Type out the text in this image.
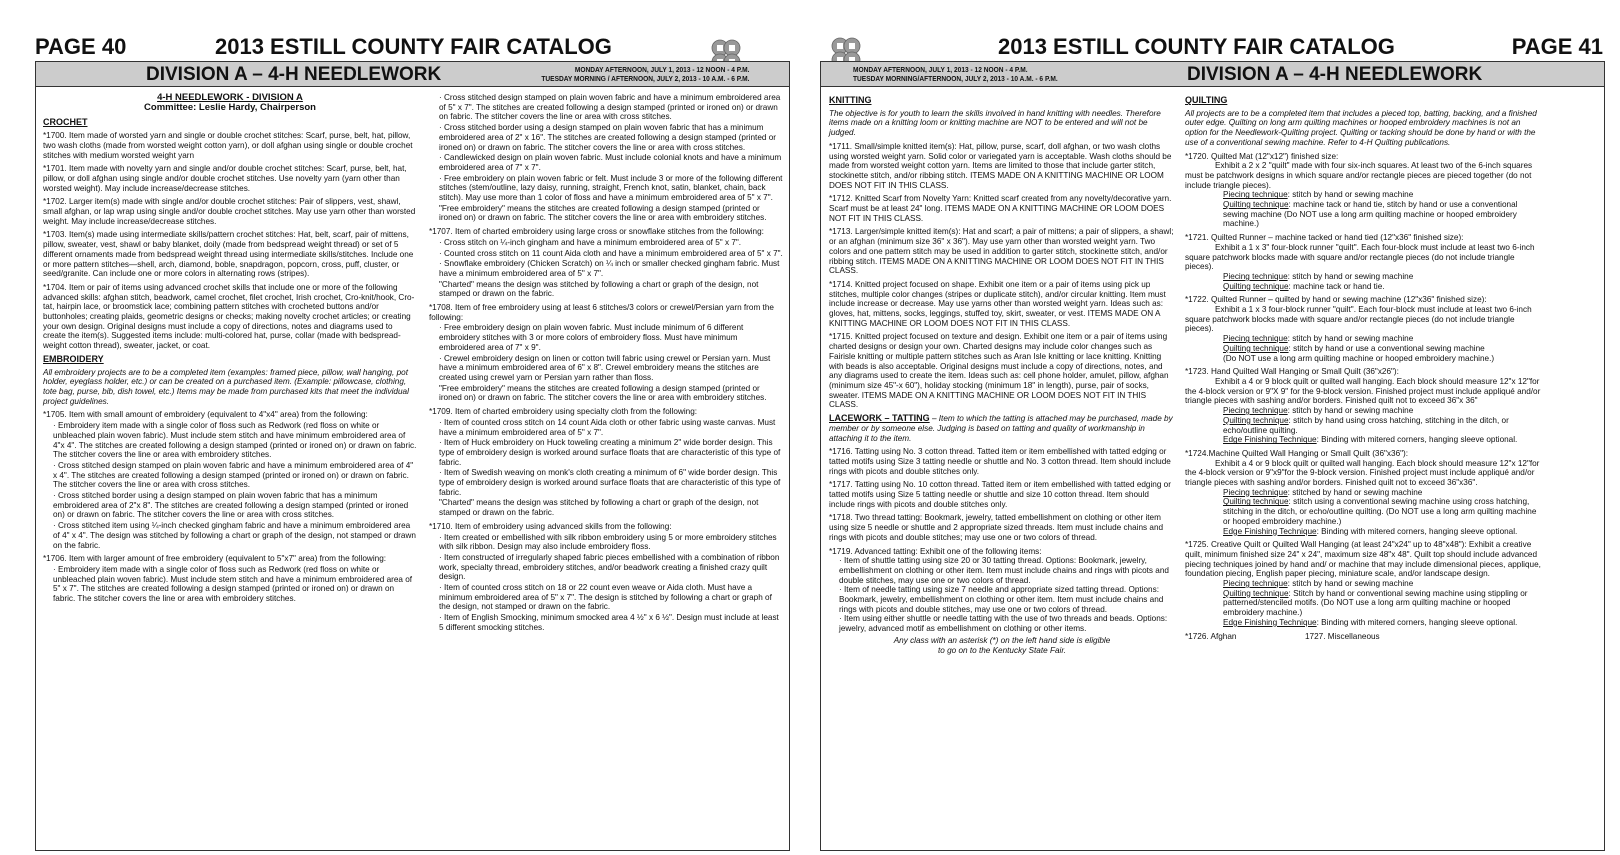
PAGE 40	2013 ESTILL COUNTY FAIR CATALOG
DIVISION A – 4-H NEEDLEWORK	MONDAY AFTERNOON, JULY 1, 2013 - 12 NOON - 4 P.M.
TUESDAY MORNING / AFTERNOON, JULY 2, 2013 - 10 A.M. - 6 P.M.

4-H NEEDLEWORK - DIVISION A

Committee: Leslie Hardy, Chairperson

CROCHET

*1700. Item made of worsted yarn and single or double crochet stitches: Scarf, purse, belt, hat, pillow, two wash cloths (made from worsted weight cotton yarn), or doll afghan using single or double crochet stitches with medium worsted weight yarn

*1701. Item made with novelty yarn and single and/or double crochet stitches: Scarf, purse, belt, hat, pillow, or doll afghan using single and/or double crochet stitches. Use novelty yarn (yarn other than worsted weight). May include increase/decrease stitches.

*1702. Larger item(s) made with single and/or double crochet stitches: Pair of slippers, vest, shawl, small afghan, or lap wrap using single and/or double crochet stitches. May use yarn other than worsted weight. May include increase/decrease stitches.

*1703. Item(s) made using intermediate skills/pattern crochet stitches: Hat, belt, scarf, pair of mittens, pillow, sweater, vest, shawl or baby blanket, doily (made from bedspread weight thread) or set of 5 different ornaments made from bedspread weight thread using intermediate skills/stitches. Include one or more pattern stitches—shell, arch, diamond, boble, snapdragon, popcorn, cross, puff, cluster, or seed/granite. Can include one or more colors in alternating rows (stripes).

*1704. Item or pair of items using advanced crochet skills that include one or more of the following advanced skills: afghan stitch, beadwork, camel crochet, filet crochet, Irish crochet, Cro-knit/hook, Cro-tat, hairpin lace, or broomstick lace; combining pattern stitches with crocheted buttons and/or buttonholes; creating plaids, geometric designs or checks; making novelty crochet articles; or creating your own design. Original designs must include a copy of directions, notes and diagrams used to create the item(s). Suggested items include: multi-colored hat, purse, collar (made with bedspread-weight cotton thread), sweater, jacket, or coat.

EMBROIDERY

All embroidery projects are to be a completed item (examples: framed piece, pillow, wall hanging, pot holder, eyeglass holder, etc.) or can be created on a purchased item. (Example: pillowcase, clothing, tote bag, purse, bib, dish towel, etc.) Items may be made from purchased kits that meet the individual project guidelines.

*1705. Item with small amount of embroidery (equivalent to 4"x4" area) from the following:

· Embroidery item made with a single color of floss such as Redwork (red floss on white or unbleached plain woven fabric). Must include stem stitch and have minimum embroidered area of 4"x 4". The stitches are created following a design stamped (printed or ironed on) or drawn on fabric. The stitcher covers the line or area with embroidery stitches.

· Cross stitched design stamped on plain woven fabric and have a minimum embroidered area of 4" x 4". The stitches are created following a design stamped (printed or ironed on) or drawn on fabric. The stitcher covers the line or area with cross stitches.

· Cross stitched border using a design stamped on plain woven fabric that has a minimum embroidered area of 2"x 8". The stitches are created following a design stamped (printed or ironed on) or drawn on fabric. The stitcher covers the line or area with cross stitches.

· Cross stitched item using ¼-inch checked gingham fabric and have a minimum embroidered area of 4" x 4". The design was stitched by following a chart or graph of the design, not stamped or drawn on the fabric.

*1706. Item with larger amount of free embroidery (equivalent to 5"x7" area) from the following:

· Embroidery item made with a single color of floss such as Redwork (red floss on white or unbleached plain woven fabric). Must include stem stitch and have a minimum embroidered area of 5" x 7". The stitches are created following a design stamped (printed or ironed on) or drawn on fabric. The stitcher covers the line or area with embroidery stitches.

· Cross stitched design stamped on plain woven fabric and have a minimum embroidered area of 5" x 7". The stitches are created following a design stamped (printed or ironed on) or drawn on fabric. The stitcher covers the line or area with cross stitches.

· Cross stitched border using a design stamped on plain woven fabric that has a minimum embroidered area of 2" x 16". The stitches are created following a design stamped (printed or ironed on) or drawn on fabric. The stitcher covers the line or area with cross stitches.

· Candlewicked design on plain woven fabric. Must include colonial knots and have a minimum embroidered area of 7" x 7".

· Free embroidery on plain woven fabric or felt. Must include 3 or more of the following different stitches (stem/outline, lazy daisy, running, straight, French knot, satin, blanket, chain, back stitch). May use more than 1 color of floss and have a minimum embroidered area of 5" x 7".

"Free embroidery" means the stitches are created following a design stamped (printed or ironed on) or drawn on fabric. The stitcher covers the line or area with embroidery stitches.

*1707. Item of charted embroidery using large cross or snowflake stitches from the following:

· Cross stitch on ¼-inch gingham and have a minimum embroidered area of 5" x 7".

· Counted cross stitch on 11 count Aida cloth and have a minimum embroidered area of 5" x 7".

· Snowflake embroidery (Chicken Scratch) on ¼ inch or smaller checked gingham fabric. Must have a minimum embroidered area of 5" x 7".

"Charted" means the design was stitched by following a chart or graph of the design, not stamped or drawn on the fabric.

*1708. Item of free embroidery using at least 6 stitches/3 colors or crewel/Persian yarn from the following:

· Free embroidery design on plain woven fabric. Must include minimum of 6 different embroidery stitches with 3 or more colors of embroidery floss. Must have minimum embroidered area of 7" x 9".

· Crewel embroidery design on linen or cotton twill fabric using crewel or Persian yarn. Must have a minimum embroidered area of 6" x 8". Crewel embroidery means the stitches are created using crewel yarn or Persian yarn rather than floss.

"Free embroidery" means the stitches are created following a design stamped (printed or ironed on) or drawn on fabric. The stitcher covers the line or area with embroidery stitches.

*1709. Item of charted embroidery using specialty cloth from the following:

· Item of counted cross stitch on 14 count Aida cloth or other fabric using waste canvas. Must have a minimum embroidered area of 5" x 7".

· Item of Huck embroidery on Huck toweling creating a minimum 2" wide border design. This type of embroidery design is worked around surface floats that are characteristic of this type of fabric.

· Item of Swedish weaving on monk's cloth creating a minimum of 6" wide border design. This type of embroidery design is worked around surface floats that are characteristic of this type of fabric.

"Charted" means the design was stitched by following a chart or graph of the design, not stamped or drawn on the fabric.

*1710. Item of embroidery using advanced skills from the following:

· Item created or embellished with silk ribbon embroidery using 5 or more embroidery stitches with silk ribbon. Design may also include embroidery floss.

· Item constructed of irregularly shaped fabric pieces embellished with a combination of ribbon work, specialty thread, embroidery stitches, and/or beadwork creating a finished crazy quilt design.

· Item of counted cross stitch on 18 or 22 count even weave or Aida cloth. Must have a minimum embroidered area of 5" x 7". The design is stitched by following a chart or graph of the design, not stamped or drawn on the fabric.

· Item of English Smocking, minimum smocked area 4 ½" x 6 ½". Design must include at least 5 different smocking stitches.

2013 ESTILL COUNTY FAIR CATALOG	PAGE 41
MONDAY AFTERNOON, JULY 1, 2013 - 12 NOON - 4 P.M.
TUESDAY MORNING/AFTERNOON, JULY 2, 2013 - 10 A.M. - 6 P.M.	DIVISION A – 4-H NEEDLEWORK
KNITTING

The objective is for youth to learn the skills involved in hand knitting with needles. Therefore items made on a knitting loom or knitting machine are NOT to be entered and will not be judged.

*1711. Small/simple knitted item(s): Hat, pillow, purse, scarf, doll afghan, or two wash cloths using worsted weight yarn. Solid color or variegated yarn is acceptable. Wash cloths should be made from worsted weight cotton yarn. Items are limited to those that include garter stitch, stockinette stitch, and/or ribbing stitch. ITEMS MADE ON A KNITTING MACHINE OR LOOM DOES NOT FIT IN THIS CLASS.

*1712. Knitted Scarf from Novelty Yarn: Knitted scarf created from any novelty/decorative yarn. Scarf must be at least 24" long. ITEMS MADE ON A KNITTING MACHINE OR LOOM DOES NOT FIT IN THIS CLASS.

*1713. Larger/simple knitted item(s): Hat and scarf; a pair of mittens; a pair of slippers, a shawl; or an afghan (minimum size 36" x 36"). May use yarn other than worsted weight yarn. Two colors and one pattern stitch may be used in addition to garter stitch, stockinette stitch, and/or ribbing stitch. ITEMS MADE ON A KNITTING MACHINE OR LOOM DOES NOT FIT IN THIS CLASS.

*1714. Knitted project focused on shape. Exhibit one item or a pair of items using pick up stitches, multiple color changes (stripes or duplicate stitch), and/or circular knitting. Item must include increase or decrease. May use yarns other than worsted weight yarn. Ideas such as: gloves, hat, mittens, socks, leggings, stuffed toy, skirt, sweater, or vest. ITEMS MADE ON A KNITTING MACHINE OR LOOM DOES NOT FIT IN THIS CLASS.

*1715. Knitted project focused on texture and design. Exhibit one item or a pair of items using charted designs or design your own. Charted designs may include color changes such as Fairisle knitting or multiple pattern stitches such as Aran Isle knitting or lace knitting. Knitting with beads is also acceptable. Original designs must include a copy of directions, notes, and any diagrams used to create the item. Ideas such as: cell phone holder, amulet, pillow, afghan (minimum size 45"-x 60"), holiday stocking (minimum 18" in length), purse, pair of socks, sweater. ITEMS MADE ON A KNITTING MACHINE OR LOOM DOES NOT FIT IN THIS CLASS.

LACEWORK – TATTING – Item to which the tatting is attached may be purchased, made by member or by someone else. Judging is based on tatting and quality of workmanship in attaching it to the item.

*1716. Tatting using No. 3 cotton thread. Tatted item or item embellished with tatted edging or tatted motifs using Size 3 tatting needle or shuttle and No. 3 cotton thread. Item should include rings with picots and double stitches only.

*1717. Tatting using No. 10 cotton thread. Tatted item or item embellished with tatted edging or tatted motifs using Size 5 tatting needle or shuttle and size 10 cotton thread. Item should include rings with picots and double stitches only.

*1718. Two thread tatting: Bookmark, jewelry, tatted embellishment on clothing or other item using size 5 needle or shuttle and 2 appropriate sized threads. Item must include chains and rings with picots and double stitches; may use one or two colors of thread.

*1719. Advanced tatting: Exhibit one of the following items:

· Item of shuttle tatting using size 20 or 30 tatting thread. Options: Bookmark, jewelry, embellishment on clothing or other item. Item must include chains and rings with picots and double stitches, may use one or two colors of thread.

· Item of needle tatting using size 7 needle and appropriate sized tatting thread. Options: Bookmark, jewelry, embellishment on clothing or other item. Item must include chains and rings with picots and double stitches, may use one or two colors of thread.

· Item using either shuttle or needle tatting with the use of two threads and beads. Options: jewelry, advanced motif as embellishment on clothing or other items.

Any class with an asterisk (*) on the left hand side is eligible

to go on to the Kentucky State Fair.

QUILTING

All projects are to be a completed item that includes a pieced top, batting, backing, and a finished outer edge. Quilting on long arm quilting machines or hooped embroidery machines is not an option for the Needlework-Quilting project. Quilting or tacking should be done by hand or with the use of a conventional sewing machine. Refer to 4-H Quilting publications.

*1720. Quilted Mat (12"x12") finished size:

Exhibit a 2 x 2 "quilt" made with four six-inch squares. At least two of the 6-inch squares must be patchwork designs in which square and/or rectangle pieces are pieced together (do not include triangle pieces).

Piecing technique: stitch by hand or sewing machine

Quilting technique: machine tack or hand tie, stitch by hand or use a conventional sewing machine (Do NOT use a long arm quilting machine or hooped embroidery machine.)

*1721. Quilted Runner – machine tacked or hand tied (12"x36" finished size):

Exhibit a 1 x 3" four-block runner "quilt". Each four-block must include at least two 6-inch square patchwork blocks made with square and/or rectangle pieces (do not include triangle pieces).

Piecing technique: stitch by hand or sewing machine

Quilting technique: machine tack or hand tie.

*1722. Quilted Runner – quilted by hand or sewing machine (12"x36" finished size):

Exhibit a 1 x 3 four-block runner "quilt". Each four-block must include at least two 6-inch square patchwork blocks made with square and/or rectangle pieces (do not include triangle pieces).

Piecing technique: stitch by hand or sewing machine

Quilting technique: stitch by hand or use a conventional sewing machine

(Do NOT use a long arm quilting machine or hooped embroidery machine.)

*1723. Hand Quilted Wall Hanging or Small Quilt (36"x26"):

Exhibit a 4 or 9 block quilt or quilted wall hanging. Each block should measure 12"x 12"for the 4-block version or 9"X 9" for the 9-block version. Finished project must include appliqué and/or triangle pieces with sashing and/or borders. Finished quilt not to exceed 36"x 36"

Piecing technique: stitch by hand or sewing machine

Quilting technique: stitch by hand using cross hatching, stitching in the ditch, or echo/outline quilting.

Edge Finishing Technique: Binding with mitered corners, hanging sleeve optional.

*1724.Machine Quilted Wall Hanging or Small Quilt (36"x36"):

Exhibit a 4 or 9 block quilt or quilted wall hanging. Each block should measure 12"x 12"for the 4-block version or 9"x9"for the 9-block version. Finished project must include appliqué and/or triangle pieces with sashing and/or borders. Finished quilt not to exceed 36"x36".

Piecing technique: stitched by hand or sewing machine

Quilting technique: stitch using a conventional sewing machine using cross hatching, stitching in the ditch, or echo/outline quilting. (Do NOT use a long arm quilting machine or hooped embroidery machine.)

Edge Finishing Technique: Binding with mitered corners, hanging sleeve optional.

*1725. Creative Quilt or Quilted Wall Hanging (at least 24"x24" up to 48"x48"): Exhibit a creative quilt, minimum finished size 24" x 24", maximum size 48"x 48". Quilt top should include advanced piecing techniques joined by hand and/ or machine that may include dimensional pieces, applique, foundation piecing, English paper piecing, miniature scale, and/or landscape design.

Piecing technique: stitch by hand or sewing machine

Quilting technique: Stitch by hand or conventional sewing machine using stippling or patterned/stenciled motifs. (Do NOT use a long arm quilting machine or hooped embroidery machine.)

Edge Finishing Technique: Binding with mitered corners, hanging sleeve optional.

*1726. Afghan	1727. Miscellaneous
